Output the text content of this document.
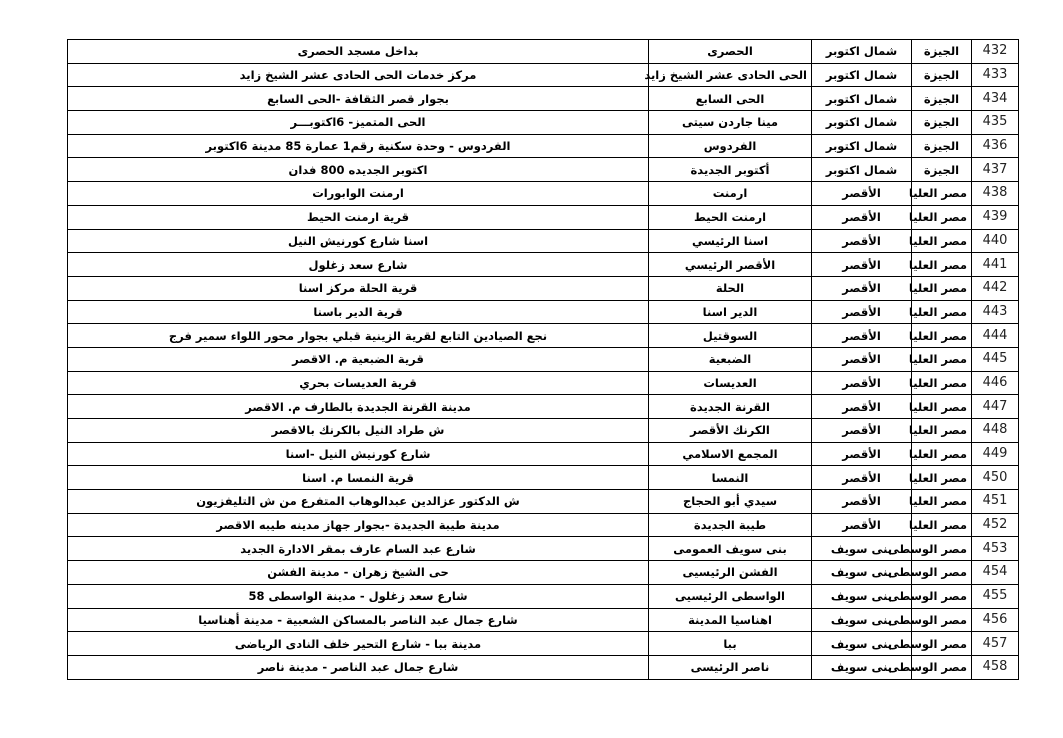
432	الجيزة	شمال اكتوبر	الحصرى	بداخل مسجد الحصرى
433	الجيزة	شمال اكتوبر	الحى الحادى عشر الشيخ زايد	مركز خدمات الحى الحادى عشر الشيخ زايد
434	الجيزة	شمال اكتوبر	الحى السابع	بجوار قصر الثقافة -الحى السابع
435	الجيزة	شمال اكتوبر	مينا جاردن سيتى	الحى المتميز- 6اكتوبـــر
436	الجيزة	شمال اكتوبر	الفردوس	الفردوس - وحدة سكنية رقم1 عمارة 85 مدينة 6اكتوبر
437	الجيزة	شمال اكتوبر	أكتوبر الجديدة	اكتوبر الجديده 800 فدان
438	مصر العليا	الأقصر	ارمنت	ارمنت الوابورات
439	مصر العليا	الأقصر	ارمنت الحيط	قرية ارمنت الحيط
440	مصر العليا	الأقصر	اسنا الرئيسي	اسنا شارع كورنيش النيل
441	مصر العليا	الأقصر	الأقصر الرئيسي	شارع سعد زغلول
442	مصر العليا	الأقصر	الحلة	قرية الحلة مركز اسنا
443	مصر العليا	الأقصر	الدير اسنا	قرية الدير باسنا
444	مصر العليا	الأقصر	السوقتيل	نجع الصيادين التابع لقرية الزينية قبلي بجوار محور اللواء سمير فرج
445	مصر العليا	الأقصر	الضبعية	قرية الضبعية م. الاقصر
446	مصر العليا	الأقصر	العديسات	قرية العديسات بحري
447	مصر العليا	الأقصر	القرنة الجديدة	مدينة القرنة الجديدة بالطارف م. الاقصر
448	مصر العليا	الأقصر	الكرنك الأقصر	ش طراد النيل بالكرنك بالاقصر
449	مصر العليا	الأقصر	المجمع الاسلامي	شارع كورنيش النيل -اسنا
450	مصر العليا	الأقصر	النمسا	قرية النمسا م. اسنا
451	مصر العليا	الأقصر	سيدي أبو الحجاج	ش الدكتور عزالدين عبدالوهاب المتفرع من ش التليفزيون
452	مصر العليا	الأقصر	طيبة الجديدة	مدينة طيبة الجديدة -بجوار جهاز مدينه طيبه الاقصر
453	مصر الوسطى	بنى سويف	بنى سويف العمومى	شارع عبد السام عارف بمقر الادارة الجديد
454	مصر الوسطى	بنى سويف	الفشن الرئيسيى	حى الشيخ زهران - مدينة الفشن
455	مصر الوسطى	بنى سويف	الواسطى الرئيسيى	شارع سعد زغلول - مدينة الواسطى 58
456	مصر الوسطى	بنى سويف	اهناسيا المدينة	شارع جمال عبد الناصر بالمساكن الشعبية - مدينة أهناسيا
457	مصر الوسطى	بنى سويف	ببا	مدينة ببا - شارع التحير خلف النادى الرياضى
458	مصر الوسطى	بنى سويف	ناصر الرئيسى	شارع جمال عبد الناصر - مدينة ناصر
